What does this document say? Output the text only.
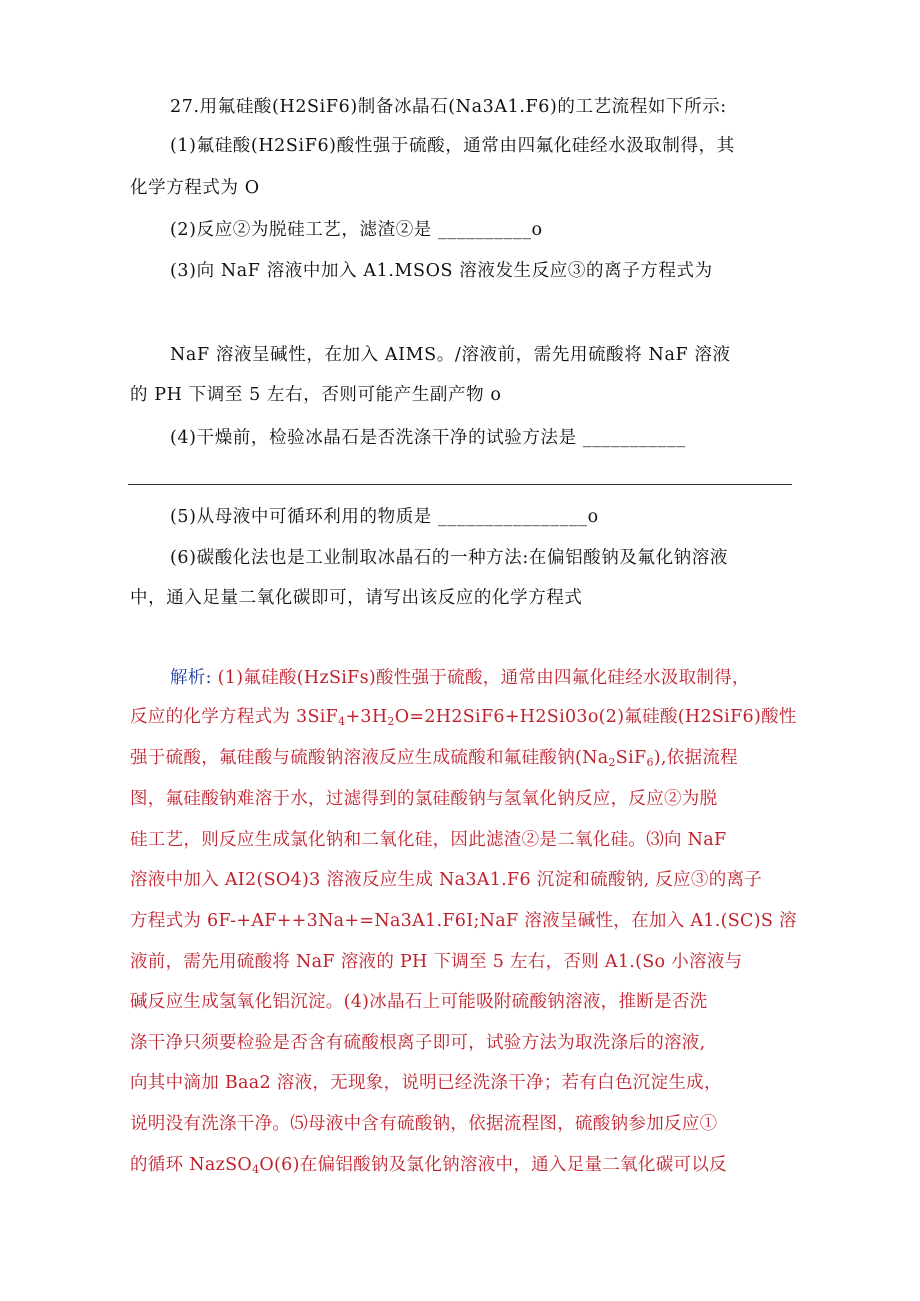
27.用氟硅酸(H2SiF6)制备冰晶石(Na3A1.F6)的工艺流程如下所示:
(1)氟硅酸(H2SiF6)酸性强于硫酸，通常由四氟化硅经水汲取制得，其
化学方程式为 O
(2)反应②为脱硅工艺，滤渣②是 __________o
(3)向 NaF 溶液中加入 A1.MSOS 溶液发生反应③的离子方程式为
NaF 溶液呈碱性，在加入 AIMS。/溶液前，需先用硫酸将 NaF 溶液
的 PH 下调至 5 左右，否则可能产生副产物 o
(4)干燥前，检验冰晶石是否洗涤干净的试验方法是 ___________
(5)从母液中可循环利用的物质是 ________________o
(6)碳酸化法也是工业制取冰晶石的一种方法:在偏铝酸钠及氟化钠溶液
中，通入足量二氧化碳即可，请写出该反应的化学方程式
解析: (1)氟硅酸(HzSiFs)酸性强于硫酸，通常由四氟化硅经水汲取制得，
反应的化学方程式为 $3SiF_4+3H_2O=2H2SiF6+H2Si03o(2)$氟硅酸(H2SiF6)酸性
强于硫酸，氟硅酸与硫酸钠溶液反应生成硫酸和氟硅酸钠$(Na_2SiF_6)$,依据流程
图，氟硅酸钠难溶于水，过滤得到的氯硅酸钠与氢氧化钠反应，反应②为脱
硅工艺，则反应生成氯化钠和二氧化硅，因此滤渣②是二氧化硅。⑶向 NaF
溶液中加入 AI2(SO4)3 溶液反应生成 Na3A1.F6 沉淀和硫酸钠, 反应③的离子
方程式为 6F-+AF++3Na+=Na3A1.F6I;NaF 溶液呈碱性，在加入 A1.(SC)S 溶
液前，需先用硫酸将 NaF 溶液的 PH 下调至 5 左右，否则 A1.(So 小溶液与
碱反应生成氢氧化铝沉淀。(4)冰晶石上可能吸附硫酸钠溶液，推断是否洗
涤干净只须要检验是否含有硫酸根离子即可，试验方法为取洗涤后的溶液,
向其中滴加 Baa2 溶液，无现象，说明已经洗涤干净；若有白色沉淀生成，
说明没有洗涤干净。⑸母液中含有硫酸钠，依据流程图，硫酸钠参加反应①
的循环 NazSO$_4$O(6)在偏铝酸钠及氯化钠溶液中，通入足量二氧化碳可以反
